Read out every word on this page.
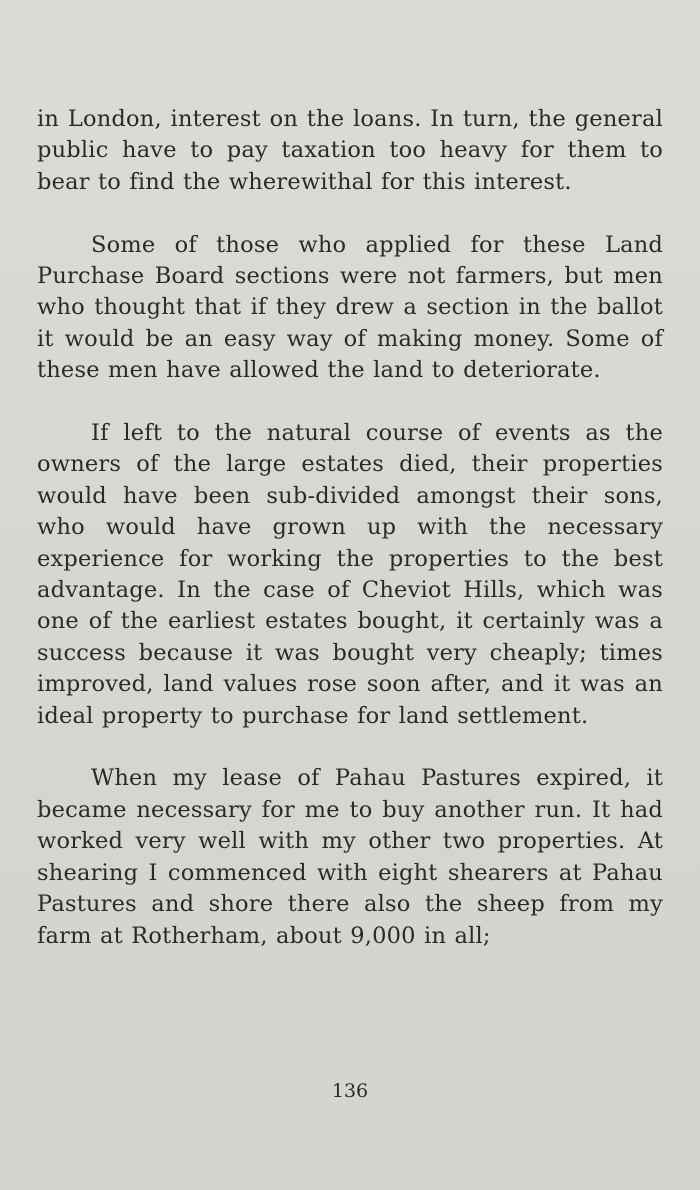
in London, interest on the loans. In turn, the general public have to pay taxation too heavy for them to bear to find the wherewithal for this interest.

Some of those who applied for these Land Purchase Board sections were not farmers, but men who thought that if they drew a section in the ballot it would be an easy way of making money. Some of these men have allowed the land to deteriorate.

If left to the natural course of events as the owners of the large estates died, their properties would have been sub-divided amongst their sons, who would have grown up with the necessary experience for working the properties to the best advantage. In the case of Cheviot Hills, which was one of the earliest estates bought, it certainly was a success because it was bought very cheaply; times improved, land values rose soon after, and it was an ideal property to purchase for land settlement.

When my lease of Pahau Pastures expired, it became necessary for me to buy another run. It had worked very well with my other two properties. At shearing I commenced with eight shearers at Pahau Pastures and shore there also the sheep from my farm at Rotherham, about 9,000 in all;

136
